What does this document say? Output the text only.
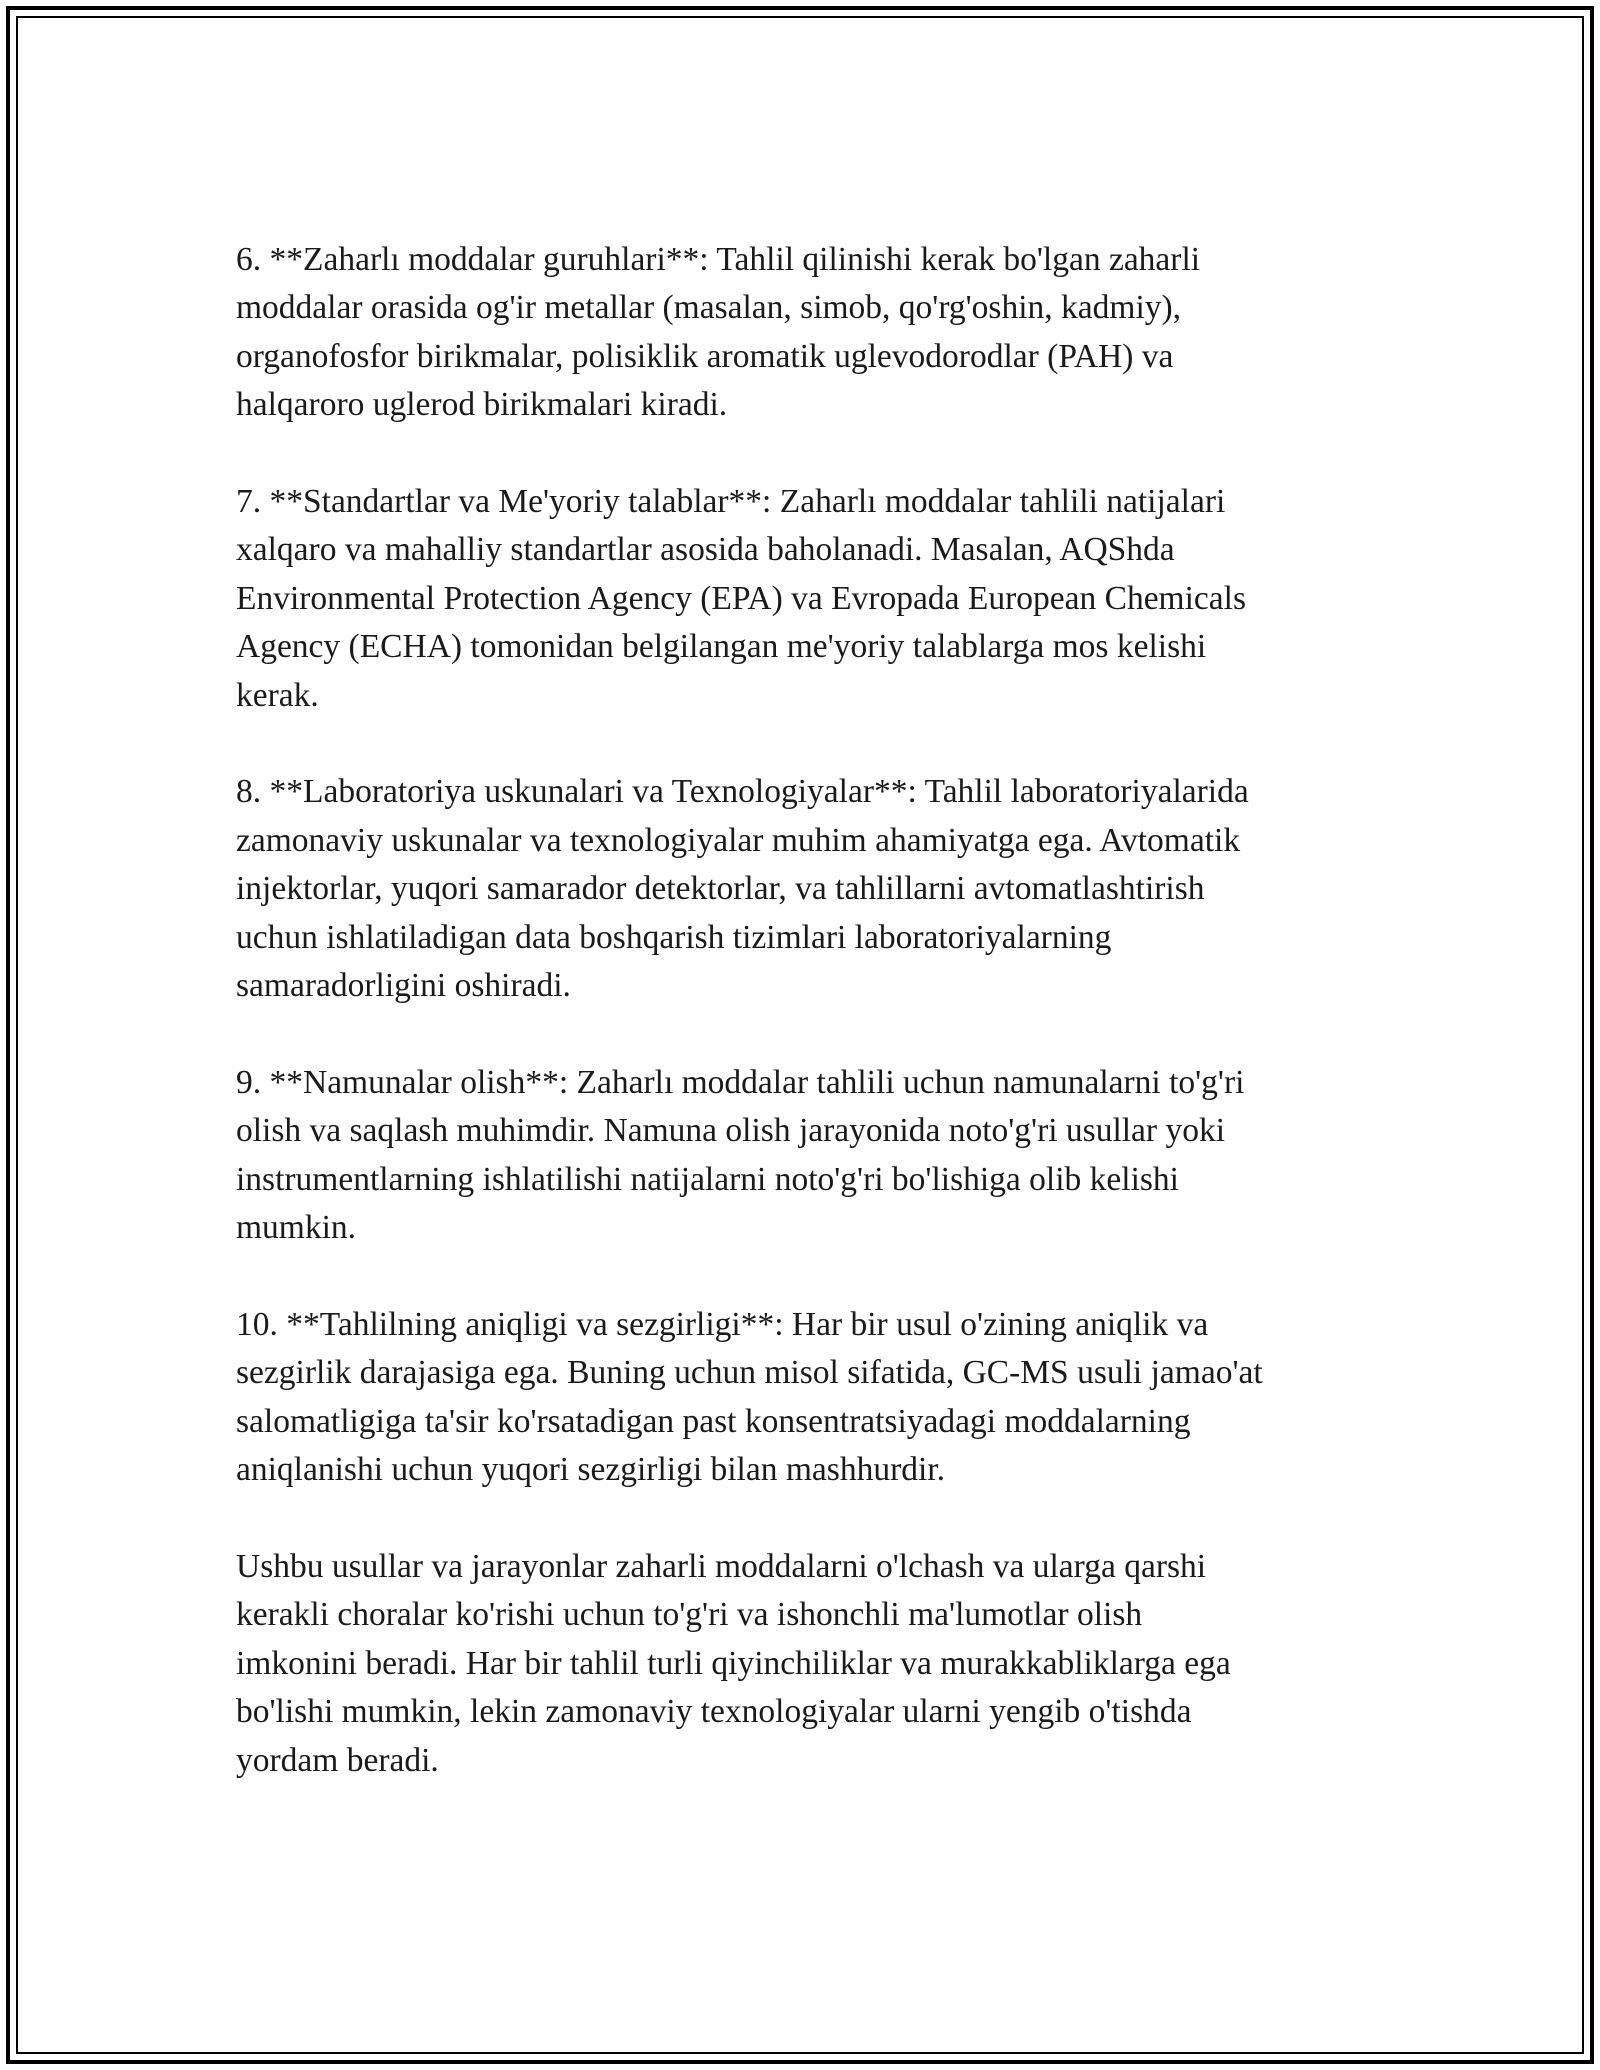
6. **Zaharlı moddalar guruhlari**: Tahlil qilinishi kerak bo'lgan zaharli
moddalar orasida og'ir metallar (masalan, simob, qo'rg'oshin, kadmiy),
organofosfor birikmalar, polisiklik aromatik uglevodorodlar (PAH) va
halqaroro uglerod birikmalari kiradi.

7. **Standartlar va Me'yoriy talablar**: Zaharlı moddalar tahlili natijalari
xalqaro va mahalliy standartlar asosida baholanadi. Masalan, AQShda
Environmental Protection Agency (EPA) va Evropada European Chemicals
Agency (ECHA) tomonidan belgilangan me'yoriy talablarga mos kelishi
kerak.

8. **Laboratoriya uskunalari va Texnologiyalar**: Tahlil laboratoriyalarida
zamonaviy uskunalar va texnologiyalar muhim ahamiyatga ega. Avtomatik
injektorlar, yuqori samarador detektorlar, va tahlillarni avtomatlashtirish
uchun ishlatiladigan data boshqarish tizimlari laboratoriyalarning
samaradorligini oshiradi.

9. **Namunalar olish**: Zaharlı moddalar tahlili uchun namunalarni to'g'ri
olish va saqlash muhimdir. Namuna olish jarayonida noto'g'ri usullar yoki
instrumentlarning ishlatilishi natijalarni noto'g'ri bo'lishiga olib kelishi
mumkin.

10. **Tahlilning aniqligi va sezgirligi**: Har bir usul o'zining aniqlik va
sezgirlik darajasiga ega. Buning uchun misol sifatida, GC-MS usuli jamao'at
salomatligiga ta'sir ko'rsatadigan past konsentratsiyadagi moddalarning
aniqlanishi uchun yuqori sezgirligi bilan mashhurdir.

Ushbu usullar va jarayonlar zaharli moddalarni o'lchash va ularga qarshi
kerakli choralar ko'rishi uchun to'g'ri va ishonchli ma'lumotlar olish
imkonini beradi. Har bir tahlil turli qiyinchiliklar va murakkabliklarga ega
bo'lishi mumkin, lekin zamonaviy texnologiyalar ularni yengib o'tishda
yordam beradi.
